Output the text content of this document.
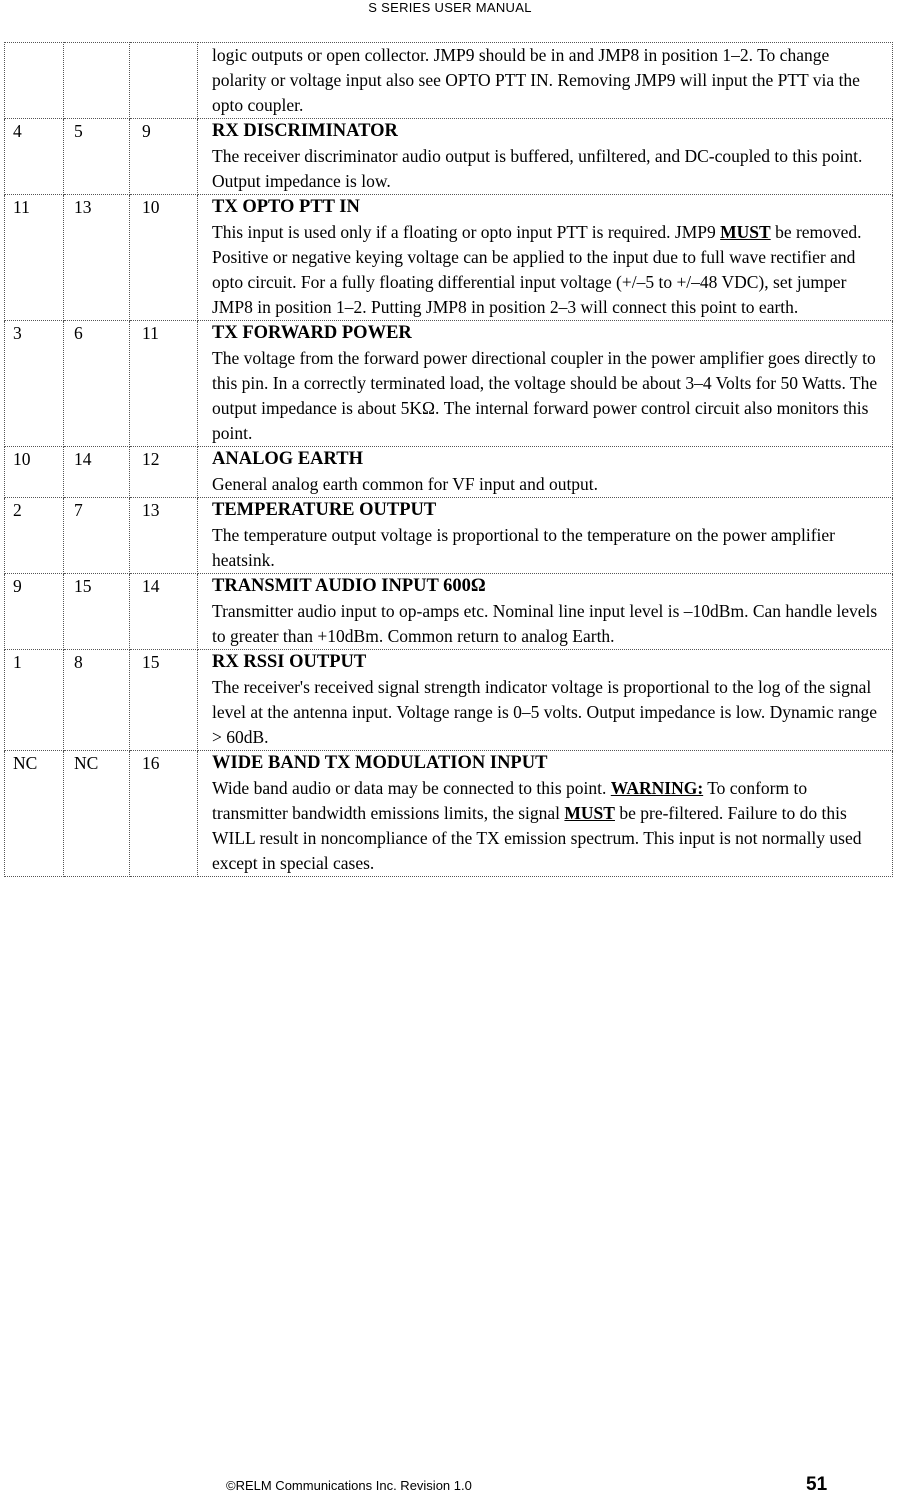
S SERIES USER MANUAL

			logic outputs or open collector. JMP9 should be in and JMP8 in position 1–2. To change polarity or voltage input also see OPTO PTT IN. Removing JMP9 will input the PTT via the opto coupler.

4	5	9	RX DISCRIMINATOR
The receiver discriminator audio output is buffered, unfiltered, and DC-coupled to this point. Output impedance is low.

11	13	10	TX OPTO PTT IN
This input is used only if a floating or opto input PTT is required. JMP9 MUST be removed. Positive or negative keying voltage can be applied to the input due to full wave rectifier and opto circuit. For a fully floating differential input voltage (+/–5 to +/–48 VDC), set jumper JMP8 in position 1–2. Putting JMP8 in position 2–3 will connect this point to earth.

3	6	11	TX FORWARD POWER
The voltage from the forward power directional coupler in the power amplifier goes directly to this pin. In a correctly terminated load, the voltage should be about 3–4 Volts for 50 Watts. The output impedance is about 5KΩ. The internal forward power control circuit also monitors this point.

10	14	12	ANALOG EARTH
General analog earth common for VF input and output.

2	7	13	TEMPERATURE OUTPUT
The temperature output voltage is proportional to the temperature on the power amplifier heatsink.

9	15	14	TRANSMIT AUDIO INPUT 600Ω
Transmitter audio input to op-amps etc. Nominal line input level is –10dBm. Can handle levels to greater than +10dBm. Common return to analog Earth.

1	8	15	RX RSSI OUTPUT
The receiver's received signal strength indicator voltage is proportional to the log of the signal level at the antenna input. Voltage range is 0–5 volts. Output impedance is low. Dynamic range > 60dB.

NC	NC	16	WIDE BAND TX MODULATION INPUT
Wide band audio or data may be connected to this point. WARNING: To conform to transmitter bandwidth emissions limits, the signal MUST be pre-filtered. Failure to do this WILL result in noncompliance of the TX emission spectrum. This input is not normally used except in special cases.
©RELM Communications Inc. Revision 1.0	51
